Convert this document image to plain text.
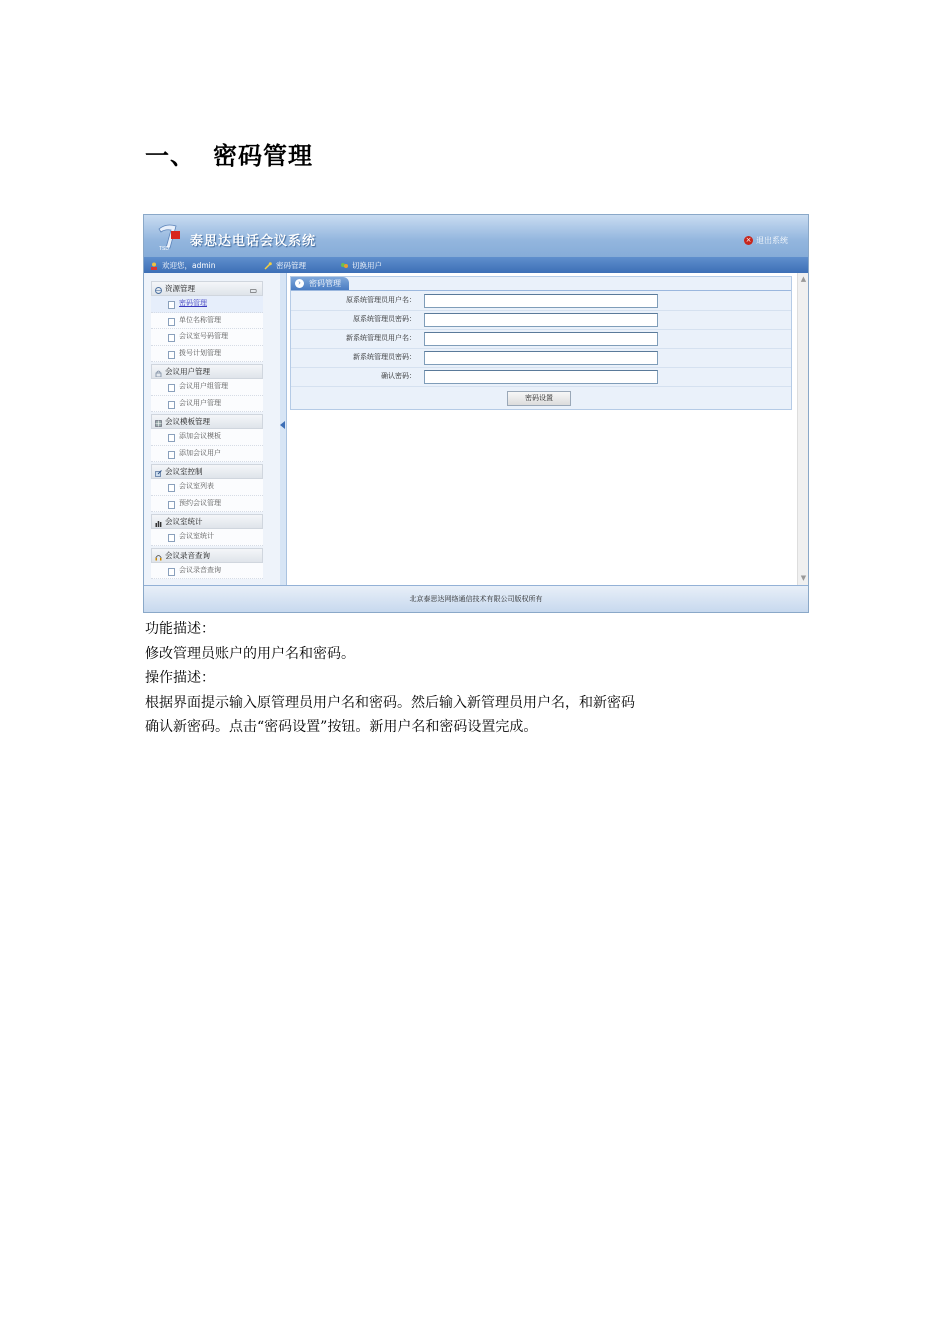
一、 密码管理
TSD 泰思达电话会议系统	× 退出系统
欢迎您，admin	密码管理	切换用户
资源管理	▭
密码管理
单位名称管理
会议室号码管理
拨号计划管理
会议用户管理
会议用户组管理
会议用户管理
会议模板管理
添加会议模板
添加会议用户
会议室控制
会议室列表
预约会议管理
会议室统计
会议室统计
会议录音查询
会议录音查询
›	密码管理
原系统管理员用户名：
原系统管理员密码：
新系统管理员用户名：
新系统管理员密码：
确认密码：
密码设置
▲
▼
北京泰思达网络通信技术有限公司版权所有

功能描述：

修改管理员账户的用户名和密码。

操作描述：

根据界面提示输入原管理员用户名和密码。然后输入新管理员用户名，和新密码

确认新密码。点击“密码设置”按钮。新用户名和密码设置完成。
